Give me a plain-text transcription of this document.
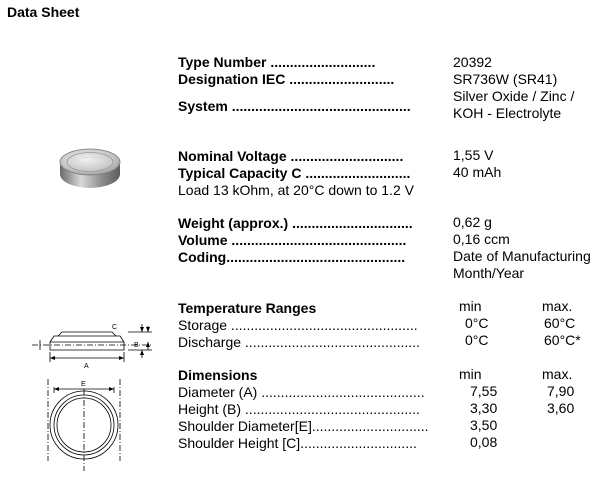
Data Sheet
· · · · · · ·
C
B
A
E
Type Number ...........................	20392
Designation IEC ...........................	SR736W (SR41)
Silver Oxide / Zinc /
System ..............................................	KOH - Electrolyte
Nominal Voltage .............................	1,55 V
Typical Capacity C ...........................	40 mAh
Load 13 kOhm, at 20°C down to 1.2 V
Weight (approx.) ...............................	0,62 g
Volume .............................................	0,16 ccm
Coding..............................................	Date of Manufacturing
Month/Year
Temperature Ranges	min	max.
Storage ................................................	0°C	60°C
Discharge .............................................	0°C	60°C*
Dimensions	min	max.
Diameter (A) ..........................................	7,55	7,90
Height (B) .............................................	3,30	3,60
Shoulder Diameter[E]..............................	3,50
Shoulder Height [C]..............................	0,08
